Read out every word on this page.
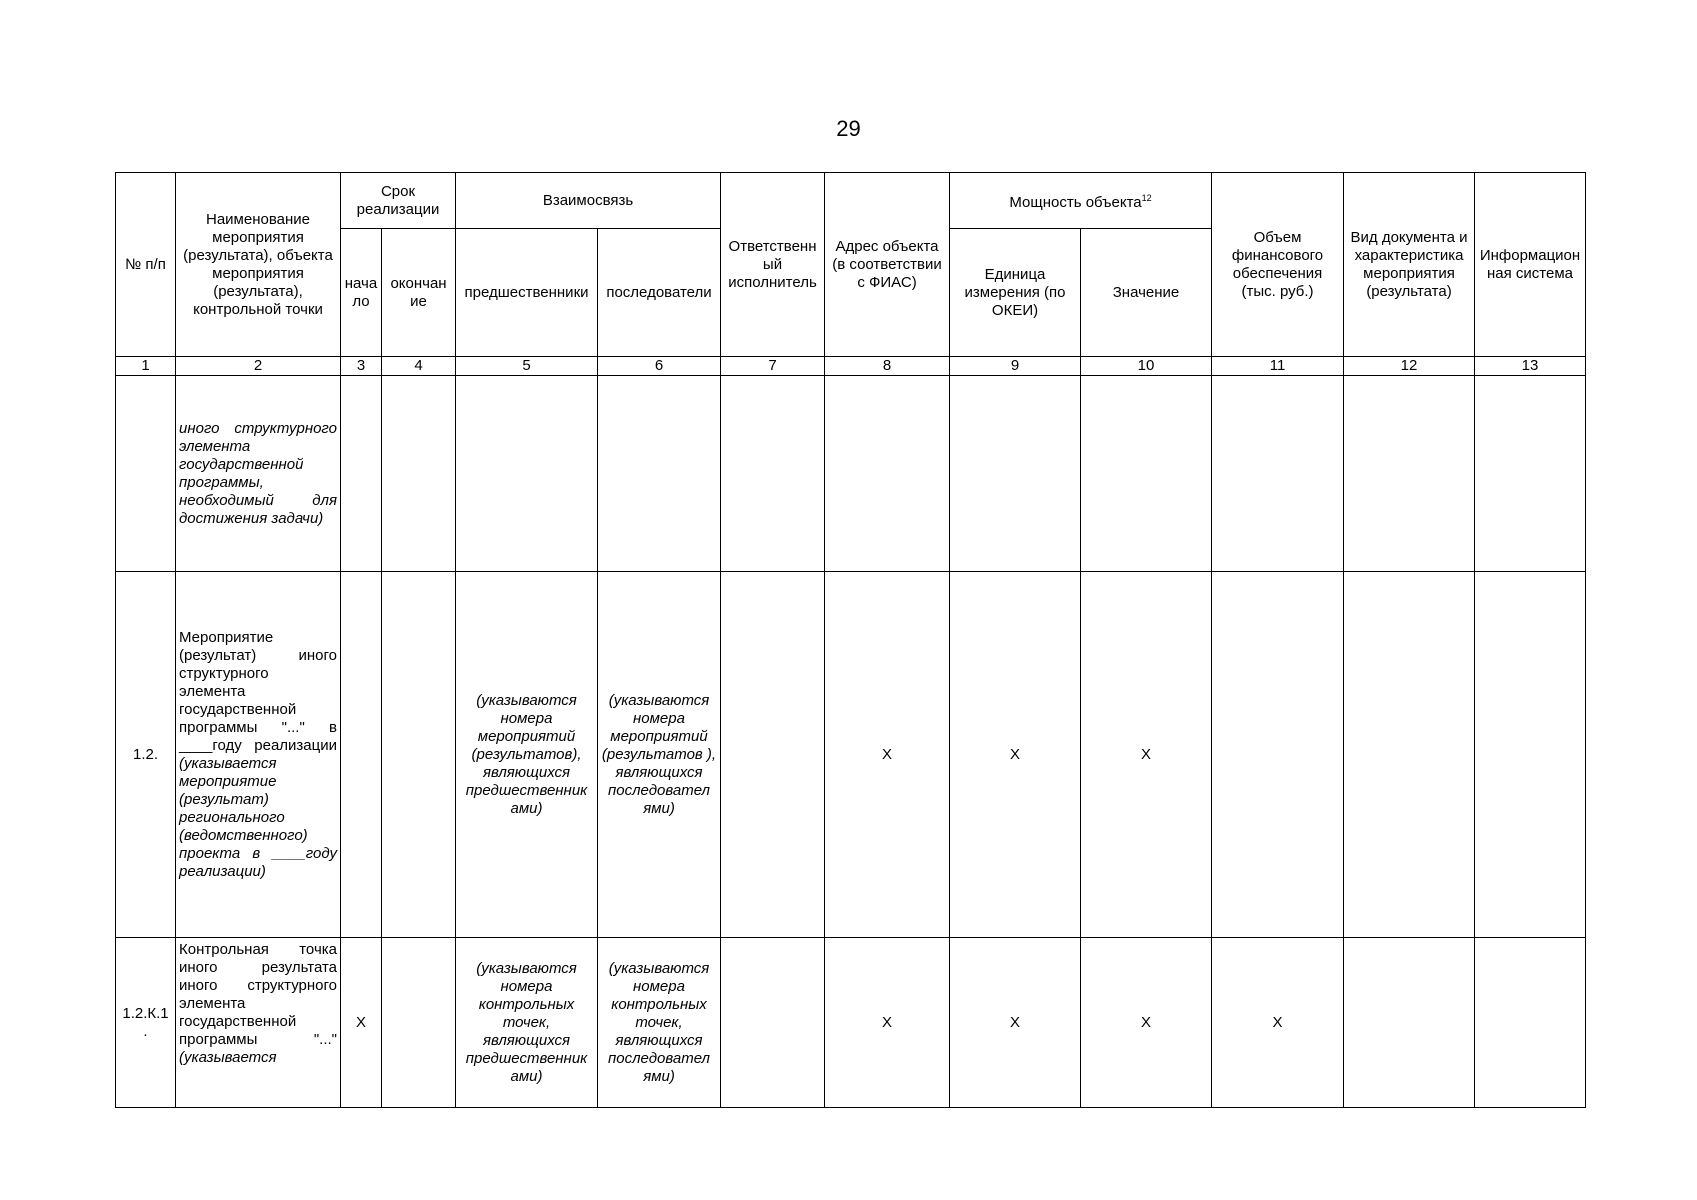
29
№ п/п	Наименование мероприятия (результата), объекта мероприятия (результата), контрольной точки	Срок реализации		Взаимосвязь		Ответственн ый исполнитель	Адрес объекта (в соответствии с ФИАС)	Мощность объекта$^{12}$		Объем финансового обеспечения (тыс. руб.)	Вид документа и характеристика мероприятия (результата)	Информацион ная система
		нача ло	окончан ие	предшественники	последователи			Единица измерения (по ОКЕИ)	Значение			
1	2	3	4	5	6	7	8	9	10	11	12	13
	иного структурного элемента государственной программы, необходимый для достижения задачи)											
1.2.	Мероприятие (результат) иного структурного элемента государственной программы "..." в ____году реализации (указывается мероприятие (результат) регионального (ведомственного) проекта в ____году реализации)			(указываются номера мероприятий (результатов), являющихся предшественник ами)	(указываются номера мероприятий (результатов ), являющихся последовател ями)		X	X	X			
1.2.К.1 .	Контрольная точка иного результата иного структурного элемента государственной программы "..." (указывается	X		(указываются номера контрольных точек, являющихся предшественник ами)	(указываются номера контрольных точек, являющихся последовател ями)		X	X	X	X		
